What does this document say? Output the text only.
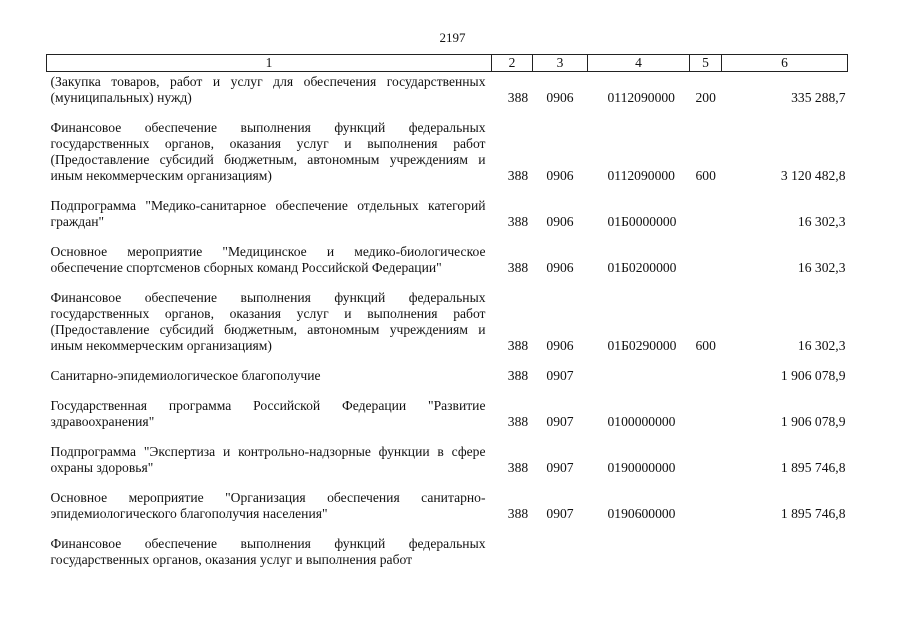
2197
1	2	3	4	5	6

(Закупка товаров, работ и услуг для обеспечения государственных (муниципальных) нужд)	388	0906	0112090000	200	335 288,7

Финансовое обеспечение выполнения функций федеральных государственных органов, оказания услуг и выполнения работ (Предоставление субсидий бюджетным, автономным учреждениям и иным некоммерческим организациям)	388	0906	0112090000	600	3 120 482,8

Подпрограмма "Медико-санитарное обеспечение отдельных категорий граждан"	388	0906	01Б0000000		16 302,3

Основное мероприятие "Медицинское и медико-биологическое обеспечение спортсменов сборных команд Российской Федерации"	388	0906	01Б0200000		16 302,3

Финансовое обеспечение выполнения функций федеральных государственных органов, оказания услуг и выполнения работ (Предоставление субсидий бюджетным, автономным учреждениям и иным некоммерческим организациям)	388	0906	01Б0290000	600	16 302,3

Санитарно-эпидемиологическое благополучие	388	0907			1 906 078,9

Государственная программа Российской Федерации "Развитие здравоохранения"	388	0907	0100000000		1 906 078,9

Подпрограмма "Экспертиза и контрольно-надзорные функции в сфере охраны здоровья"	388	0907	0190000000		1 895 746,8

Основное мероприятие "Организация обеспечения санитарно-эпидемиологического благополучия населения"	388	0907	0190600000		1 895 746,8

Финансовое обеспечение выполнения функций федеральных государственных органов, оказания услуг и выполнения работ					
